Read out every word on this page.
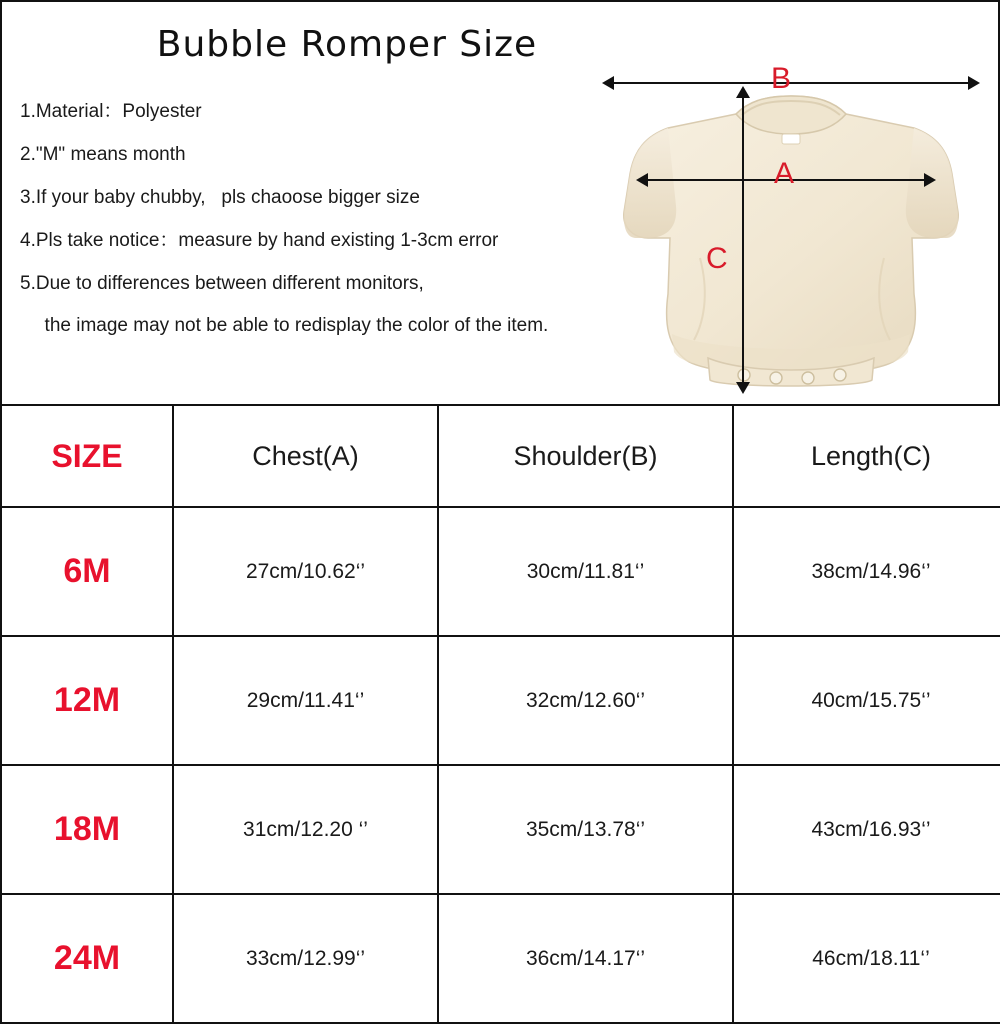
Bubble Romper Size
1.Material：Polyester
2."M" means month
3.If your baby chubby,   pls chaoose bigger size
4.Pls take notice：measure by hand existing 1-3cm error
5.Due to differences between different monitors,
the image may not be able to redisplay the color of the item.
B
A
C
SIZE	Chest(A)	Shoulder(B)	Length(C)
6M	27cm/10.62‘’	30cm/11.81‘’	38cm/14.96‘’
12M	29cm/11.41‘’	32cm/12.60‘’	40cm/15.75‘’
18M	31cm/12.20 ‘’	35cm/13.78‘’	43cm/16.93‘’
24M	33cm/12.99‘’	36cm/14.17‘’	46cm/18.11‘’
